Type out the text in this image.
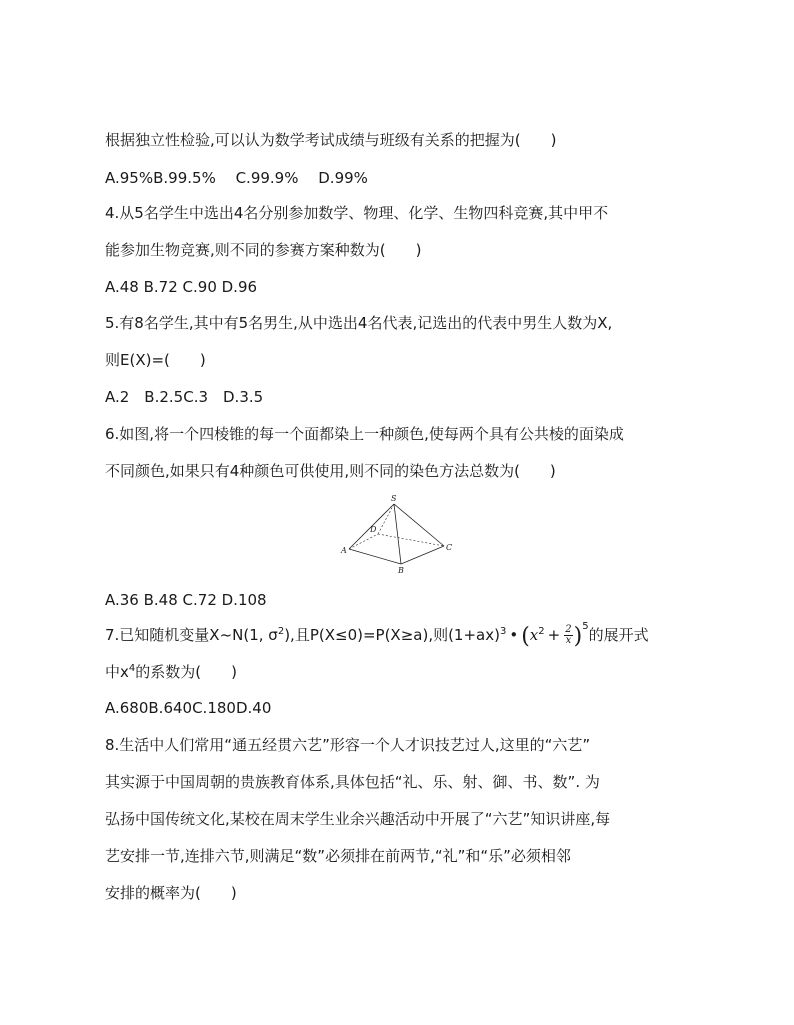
根据独立性检验,可以认为数学考试成绩与班级有关系的把握为(　　)
A.95%B.99.5%　 C.99.9%　 D.99%
4.从5名学生中选出4名分别参加数学、物理、化学、生物四科竞赛,其中甲不
能参加生物竞赛,则不同的参赛方案种数为(　　)
A.48 B.72 C.90 D.96
5.有8名学生,其中有5名男生,从中选出4名代表,记选出的代表中男生人数为X,
则E(X)=(　　)
A.2　B.2.5C.3　D.3.5
6.如图,将一个四棱锥的每一个面都染上一种颜色,使每两个具有公共棱的面染成
不同颜色,如果只有4种颜色可供使用,则不同的染色方法总数为(　　)
S
D
A
B
C
A.36 B.48 C.72 D.108
7.已知随机变量X~N(1, $\sigma^2$),且P(X≤0)=P(X≥a),则$(1+ax)^3$ • $(x^2 + \frac{2}{x} )^5$的展开式
中$x^4$的系数为(　　)
A.680B.640C.180D.40
8.生活中人们常用“通五经贯六艺”形容一个人才识技艺过人,这里的“六艺”
其实源于中国周朝的贵族教育体系,具体包括“礼、乐、射、御、书、数”. 为
弘扬中国传统文化,某校在周末学生业余兴趣活动中开展了“六艺”知识讲座,每
艺安排一节,连排六节,则满足“数”必须排在前两节,“礼”和“乐”必须相邻
安排的概率为(　　)
